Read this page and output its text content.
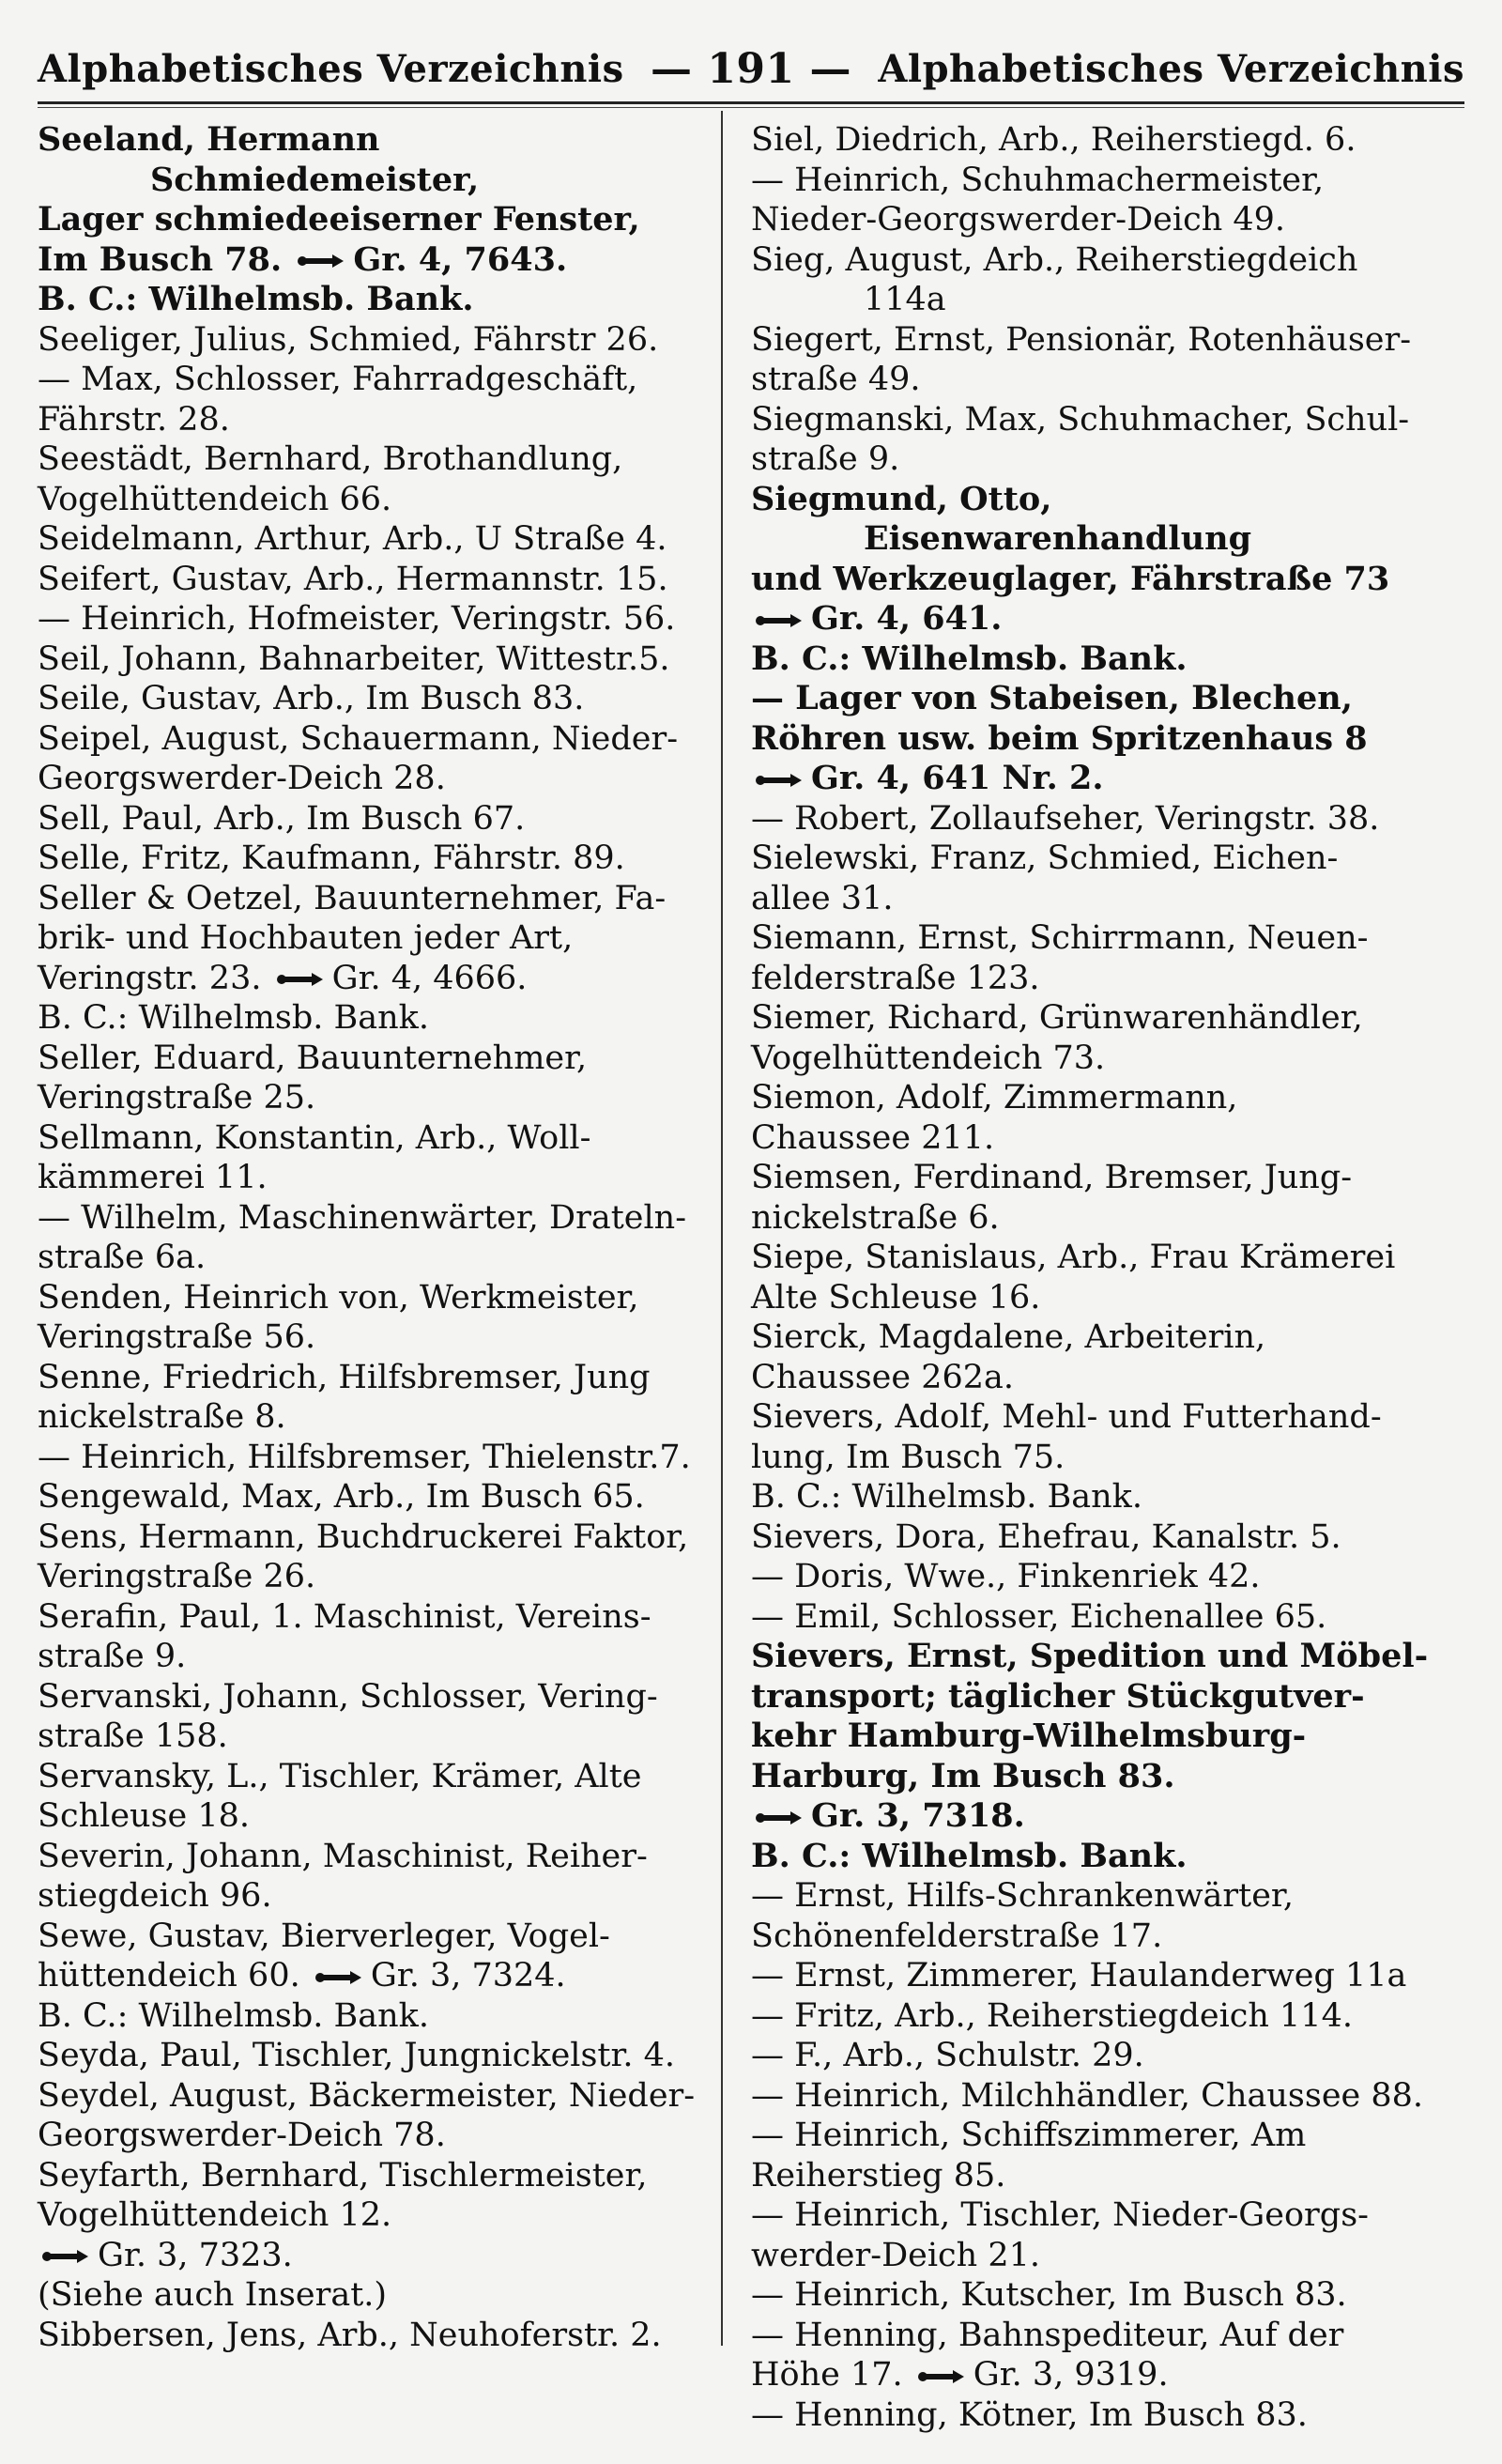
Alphabetisches Verzeichnis — 191 — Alphabetisches Verzeichnis

Seeland, Hermann Schmiedemeister,
Lager schmiedeeiserner Fenster,
Im Busch 78.
Gr. 4, 7643.
B. C.: Wilhelmsb. Bank.

Seeliger, Julius, Schmied, Fährstr 26.

— Max, Schlosser, Fahrradgeschäft,
Fährstr. 28.

Seestädt, Bernhard, Brothandlung,
Vogelhüttendeich 66.

Seidelmann, Arthur, Arb., U Straße 4.

Seifert, Gustav, Arb., Hermannstr. 15.

— Heinrich, Hofmeister, Veringstr. 56.

Seil, Johann, Bahnarbeiter, Wittestr.5.

Seile, Gustav, Arb., Im Busch 83.

Seipel, August, Schauermann, Nieder-
Georgswerder-Deich 28.

Sell, Paul, Arb., Im Busch 67.

Selle, Fritz, Kaufmann, Fährstr. 89.

Seller & Oetzel, Bauunternehmer, Fa-
brik- und Hochbauten jeder Art,
Veringstr. 23.
Gr. 4, 4666.
B. C.: Wilhelmsb. Bank.

Seller, Eduard, Bauunternehmer,
Veringstraße 25.

Sellmann, Konstantin, Arb., Woll-
kämmerei 11.

— Wilhelm, Maschinenwärter, Drateln-
straße 6a.

Senden, Heinrich von, Werkmeister,
Veringstraße 56.

Senne, Friedrich, Hilfsbremser, Jung
nickelstraße 8.

— Heinrich, Hilfsbremser, Thielenstr.7.

Sengewald, Max, Arb., Im Busch 65.

Sens, Hermann, Buchdruckerei Faktor,
Veringstraße 26.

Serafin, Paul, 1. Maschinist, Vereins-
straße 9.

Servanski, Johann, Schlosser, Vering-
straße 158.

Servansky, L., Tischler, Krämer, Alte
Schleuse 18.

Severin, Johann, Maschinist, Reiher-
stiegdeich 96.

Sewe, Gustav, Bierverleger, Vogel-
hüttendeich 60.
Gr. 3, 7324.
B. C.: Wilhelmsb. Bank.

Seyda, Paul, Tischler, Jungnickelstr. 4.

Seydel, August, Bäckermeister, Nieder-
Georgswerder-Deich 78.

Seyfarth, Bernhard, Tischlermeister,
Vogelhüttendeich 12.
Gr. 3, 7323.
(Siehe auch Inserat.)

Sibbersen, Jens, Arb., Neuhoferstr. 2.

Siel, Diedrich, Arb., Reiherstiegd. 6.

— Heinrich, Schuhmachermeister,
Nieder-Georgswerder-Deich 49.

Sieg, August, Arb., Reiherstiegdeich 114a

Siegert, Ernst, Pensionär, Rotenhäuser-
straße 49.

Siegmanski, Max, Schuhmacher, Schul-
straße 9.

Siegmund, Otto, Eisenwarenhandlung
und Werkzeuglager, Fährstraße 73
Gr. 4, 641.
B. C.: Wilhelmsb. Bank.

— Lager von Stabeisen, Blechen,
Röhren usw. beim Spritzenhaus 8
Gr. 4, 641 Nr. 2.

— Robert, Zollaufseher, Veringstr. 38.

Sielewski, Franz, Schmied, Eichen-
allee 31.

Siemann, Ernst, Schirrmann, Neuen-
felderstraße 123.

Siemer, Richard, Grünwarenhändler,
Vogelhüttendeich 73.

Siemon, Adolf, Zimmermann,
Chaussee 211.

Siemsen, Ferdinand, Bremser, Jung-
nickelstraße 6.

Siepe, Stanislaus, Arb., Frau Krämerei
Alte Schleuse 16.

Sierck, Magdalene, Arbeiterin,
Chaussee 262a.

Sievers, Adolf, Mehl- und Futterhand-
lung, Im Busch 75.
B. C.: Wilhelmsb. Bank.

Sievers, Dora, Ehefrau, Kanalstr. 5.

— Doris, Wwe., Finkenriek 42.

— Emil, Schlosser, Eichenallee 65.

Sievers, Ernst, Spedition und Möbel-
transport; täglicher Stückgutver-
kehr Hamburg-Wilhelmsburg-
Harburg, Im Busch 83.
Gr. 3, 7318.
B. C.: Wilhelmsb. Bank.

— Ernst, Hilfs-Schrankenwärter,
Schönenfelderstraße 17.

— Ernst, Zimmerer, Haulanderweg 11a

— Fritz, Arb., Reiherstiegdeich 114.

— F., Arb., Schulstr. 29.

— Heinrich, Milchhändler, Chaussee 88.

— Heinrich, Schiffszimmerer, Am
Reiherstieg 85.

— Heinrich, Tischler, Nieder-Georgs-
werder-Deich 21.

— Heinrich, Kutscher, Im Busch 83.

— Henning, Bahnspediteur, Auf der
Höhe 17.
Gr. 3, 9319.

— Henning, Kötner, Im Busch 83.
